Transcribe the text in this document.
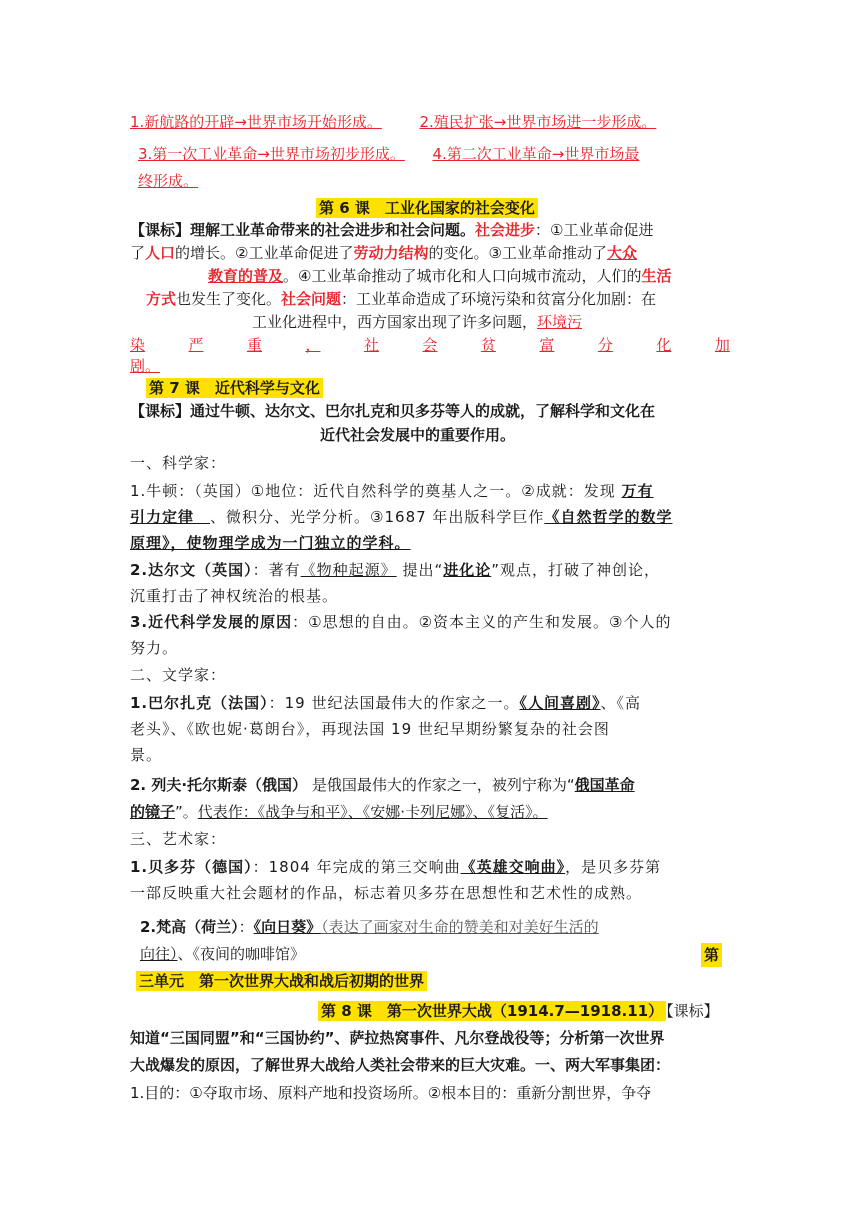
1.新航路的开辟→世界市场开始形成。	2.殖民扩张→世界市场进一步形成。
3.第一次工业革命→世界市场初步形成。 4.第二次工业革命→世界市场最
终形成。
第 6 课　工业化国家的社会变化
【课标】理解工业革命带来的社会进步和社会问题。社会进步：①工业革命促进
了人口的增长。②工业革命促进了劳动力结构的变化。③工业革命推动了大众
教育的普及。④工业革命推动了城市化和人口向城市流动，人们的生活
方式也发生了变化。社会问题：工业革命造成了环境污染和贫富分化加剧：在
工业化进程中，西方国家出现了许多问题，环境污
染	严	重	，	社	会	贫	富	分	化	加
剧。
第 7 课　近代科学与文化
【课标】通过牛顿、达尔文、巴尔扎克和贝多芬等人的成就，了解科学和文化在
近代社会发展中的重要作用。
一、科学家：
1.牛顿：（英国）①地位：近代自然科学的奠基人之一。②成就：发现 万有
引力定律　 、微积分、光学分析。③1687 年出版科学巨作《自然哲学的数学
原理》，使物理学成为一门独立的学科。
2.达尔文（英国）：著有《物种起源》 提出“进化论”观点，打破了神创论，
沉重打击了神权统治的根基。
3.近代科学发展的原因：①思想的自由。②资本主义的产生和发展。③个人的
努力。
二、文学家：
1.巴尔扎克（法国）：19 世纪法国最伟大的作家之一。《人间喜剧》、《高
老头》、《欧也妮·葛朗台》，再现法国 19 世纪早期纷繁复杂的社会图
景。
2. 列夫·托尔斯泰（俄国） 是俄国最伟大的作家之一，被列宁称为“俄国革命
的镜子”。代表作：《战争与和平》、《安娜·卡列尼娜》、《复活》。
三、艺术家：
1.贝多芬（德国）：1804 年完成的第三交响曲《英雄交响曲》，是贝多芬第
一部反映重大社会题材的作品，标志着贝多芬在思想性和艺术性的成熟。
2.梵高（荷兰）：《向日葵》（表达了画家对生命的赞美和对美好生活的
向往）、《夜间的咖啡馆》	第
三单元　第一次世界大战和战后初期的世界
第 8 课　第一次世界大战（1914.7—1918.11） 【课标】
知道“三国同盟”和“三国协约”、萨拉热窝事件、凡尔登战役等；分析第一次世界
大战爆发的原因，了解世界大战给人类社会带来的巨大灾难。一、两大军事集团：
1.目的：①夺取市场、原料产地和投资场所。②根本目的：重新分割世界，争夺
